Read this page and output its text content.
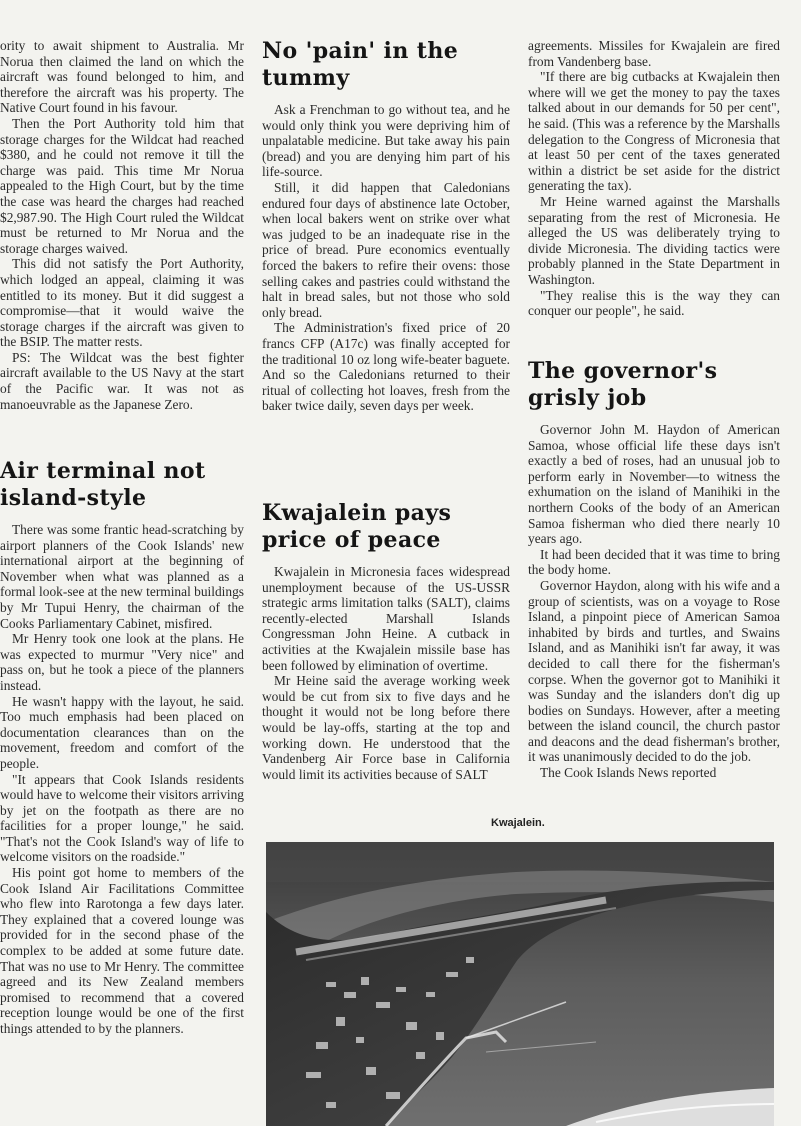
ority to await shipment to Australia. Mr Norua then claimed the land on which the aircraft was found belonged to him, and therefore the aircraft was his property. The Native Court found in his favour.

Then the Port Authority told him that storage charges for the Wildcat had reached $380, and he could not remove it till the charge was paid. This time Mr Norua appealed to the High Court, but by the time the case was heard the charges had reached $2,987.90. The High Court ruled the Wildcat must be returned to Mr Norua and the storage charges waived.

This did not satisfy the Port Authority, which lodged an appeal, claiming it was entitled to its money. But it did suggest a compromise—that it would waive the storage charges if the aircraft was given to the BSIP. The matter rests.

PS: The Wildcat was the best fighter aircraft available to the US Navy at the start of the Pacific war. It was not as manoeuvrable as the Japanese Zero.

Air terminal not island-style

There was some frantic head-scratching by airport planners of the Cook Islands' new international airport at the beginning of November when what was planned as a formal look-see at the new terminal buildings by Mr Tupui Henry, the chairman of the Cooks Parliamentary Cabinet, misfired.

Mr Henry took one look at the plans. He was expected to murmur "Very nice" and pass on, but he took a piece of the planners instead.

He wasn't happy with the layout, he said. Too much emphasis had been placed on documentation clearances than on the movement, freedom and comfort of the people.

"It appears that Cook Islands residents would have to welcome their visitors arriving by jet on the footpath as there are no facilities for a proper lounge," he said. "That's not the Cook Island's way of life to welcome visitors on the roadside."

His point got home to members of the Cook Island Air Facilitations Committee who flew into Rarotonga a few days later. They explained that a covered lounge was provided for in the second phase of the complex to be added at some future date. That was no use to Mr Henry. The committee agreed and its New Zealand members promised to recommend that a covered reception lounge would be one of the first things attended to by the planners.

No 'pain' in the tummy

Ask a Frenchman to go without tea, and he would only think you were depriving him of unpalatable medicine. But take away his pain (bread) and you are denying him part of his life-source.

Still, it did happen that Caledonians endured four days of abstinence late October, when local bakers went on strike over what was judged to be an inadequate rise in the price of bread. Pure economics eventually forced the bakers to refire their ovens: those selling cakes and pastries could withstand the halt in bread sales, but not those who sold only bread.

The Administration's fixed price of 20 francs CFP (A17c) was finally accepted for the traditional 10 oz long wife-beater baguete. And so the Caledonians returned to their ritual of collecting hot loaves, fresh from the baker twice daily, seven days per week.

Kwajalein pays price of peace

Kwajalein in Micronesia faces widespread unemployment because of the US-USSR strategic arms limitation talks (SALT), claims recently-elected Marshall Islands Congressman John Heine. A cutback in activities at the Kwajalein missile base has been followed by elimination of overtime.

Mr Heine said the average working week would be cut from six to five days and he thought it would not be long before there would be lay-offs, starting at the top and working down. He understood that the Vandenberg Air Force base in California would limit its activities because of SALT

agreements. Missiles for Kwajalein are fired from Vandenberg base.

"If there are big cutbacks at Kwajalein then where will we get the money to pay the taxes talked about in our demands for 50 per cent", he said. (This was a reference by the Marshalls delegation to the Congress of Micronesia that at least 50 per cent of the taxes generated within a district be set aside for the district generating the tax).

Mr Heine warned against the Marshalls separating from the rest of Micronesia. He alleged the US was deliberately trying to divide Micronesia. The dividing tactics were probably planned in the State Department in Washington.

"They realise this is the way they can conquer our people", he said.

The governor's grisly job

Governor John M. Haydon of American Samoa, whose official life these days isn't exactly a bed of roses, had an unusual job to perform early in November—to witness the exhumation on the island of Manihiki in the northern Cooks of the body of an American Samoa fisherman who died there nearly 10 years ago.

It had been decided that it was time to bring the body home.

Governor Haydon, along with his wife and a group of scientists, was on a voyage to Rose Island, a pinpoint piece of American Samoa inhabited by birds and turtles, and Swains Island, and as Manihiki isn't far away, it was decided to call there for the fisherman's corpse. When the governor got to Manihiki it was Sunday and the islanders don't dig up bodies on Sundays. However, after a meeting between the island council, the church pastor and deacons and the dead fisherman's brother, it was unanimously decided to do the job.

The Cook Islands News reported

Kwajalein.
